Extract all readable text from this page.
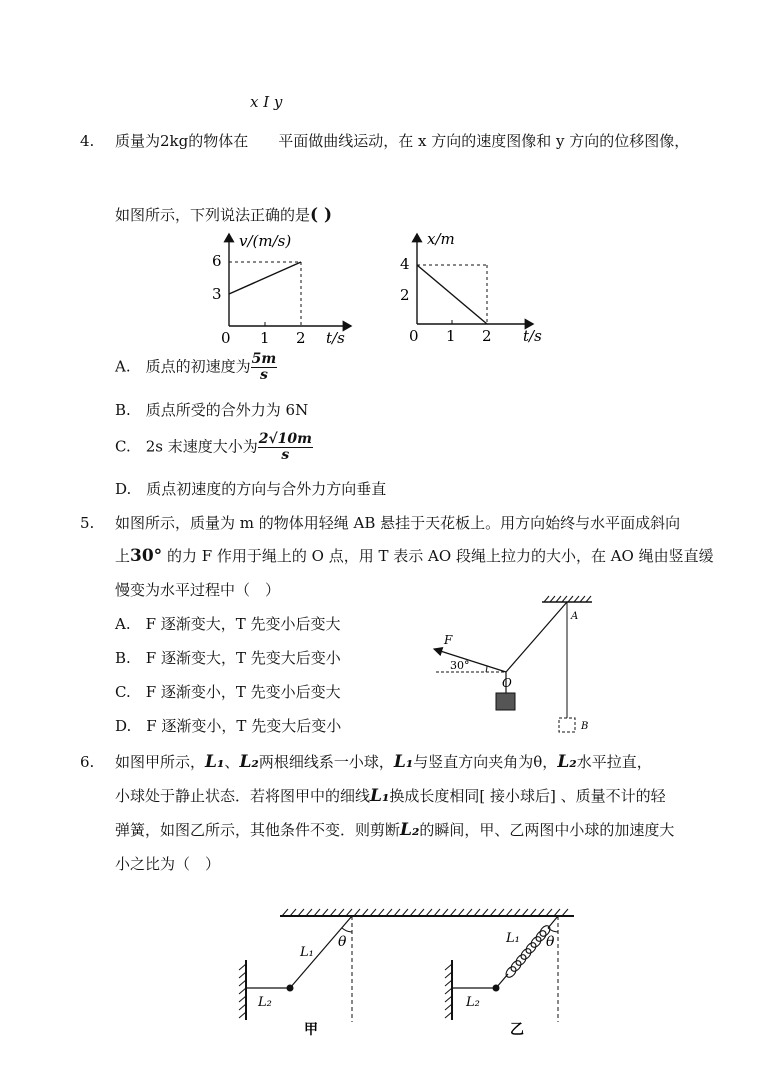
x I y
4. 质量为2kg的物体在　　平面做曲线运动，在 x 方向的速度图像和 y 方向的位移图像，
如图所示，下列说法正确的是( )
v/(m/s)
6
3
0 1 2 t/s
x/m
4
2
0 1 2 t/s
A.　质点的初速度为 $\frac{5m}{s}$
B.　质点所受的合外力为 6N
C.　2s 末速度大小为 $\frac{2√10m}{s}$
D.　质点初速度的方向与合外力方向垂直
5. 如图所示，质量为 m 的物体用轻绳 AB 悬挂于天花板上。用方向始终与水平面成斜向
上30° 的力 F 作用于绳上的 O 点，用 T 表示 AO 段绳上拉力的大小，在 AO 绳由竖直缓
慢变为水平过程中（　）
A.　F 逐渐变大，T 先变小后变大
B.　F 逐渐变大，T 先变大后变小
C.　F 逐渐变小，T 先变小后变大
D.　F 逐渐变小，T 先变大后变小
F
30°
O
A
B
6. 如图甲所示，L₁、L₂两根细线系一小球，L₁与竖直方向夹角为θ，L₂水平拉直，
小球处于静止状态．若将图甲中的细线L₁换成长度相同[ 接小球后] 、质量不计的轻
弹簧，如图乙所示，其他条件不变．则剪断L₂的瞬间，甲、乙两图中小球的加速度大
小之比为（　）
L₁
L₂
θ
甲
L₁
L₂
θ
乙
